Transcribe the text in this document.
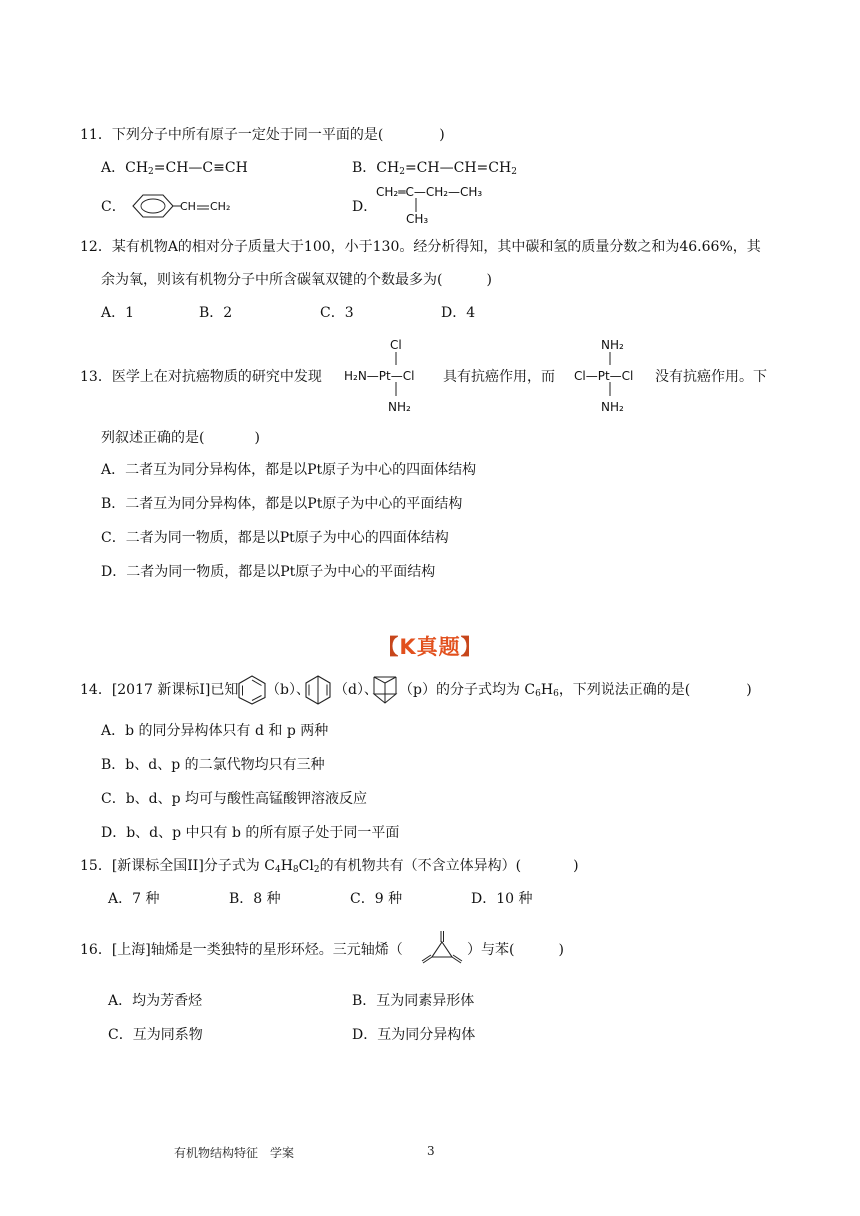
11．下列分子中所有原子一定处于同一平面的是(	)
A．$CH_2=CH—C\equiv CH$	B．$CH_2=CH—CH=CH_2$
C．	CH CH₂	D．
CH₂═C—CH₂—CH₃
CH₃
12．某有机物A的相对分子质量大于100，小于130。经分析得知，其中碳和氢的质量分数之和为46.66%，其
余为氧，则该有机物分子中所含碳氧双键的个数最多为(	)
A．1	B．2	C．3	D．4
13．医学上在对抗癌物质的研究中发现
Cl
H₂N—Pt—Cl
NH₂
具有抗癌作用，而
NH₂
Cl—Pt—Cl
NH₂
没有抗癌作用。下
列叙述正确的是(	)
A．二者互为同分异构体，都是以Pt原子为中心的四面体结构
B．二者互为同分异构体，都是以Pt原子为中心的平面结构
C．二者为同一物质，都是以Pt原子为中心的四面体结构
D．二者为同一物质，都是以Pt原子为中心的平面结构
【 K真题 】
14．[2017 新课标I]已知 （b）、 （d）、 （p）的分子式均为 $C_6H_6$，下列说法正确的是(	)
A．b 的同分异构体只有 d 和 p 两种
B．b、d、p 的二氯代物均只有三种
C．b、d、p 均可与酸性高锰酸钾溶液反应
D．b、d、p 中只有 b 的所有原子处于同一平面
15．[新课标全国II]分子式为 $C_4H_8Cl_2$的有机物共有（不含立体异构）(	)
A．7 种	B．8 种	C．9 种	D．10 种
16．[上海]轴烯是一类独特的星形环烃。三元轴烯（	）与苯(	)
A．均为芳香烃	B．互为同素异形体
C．互为同系物	D．互为同分异构体
有机物结构特征　学案	3
